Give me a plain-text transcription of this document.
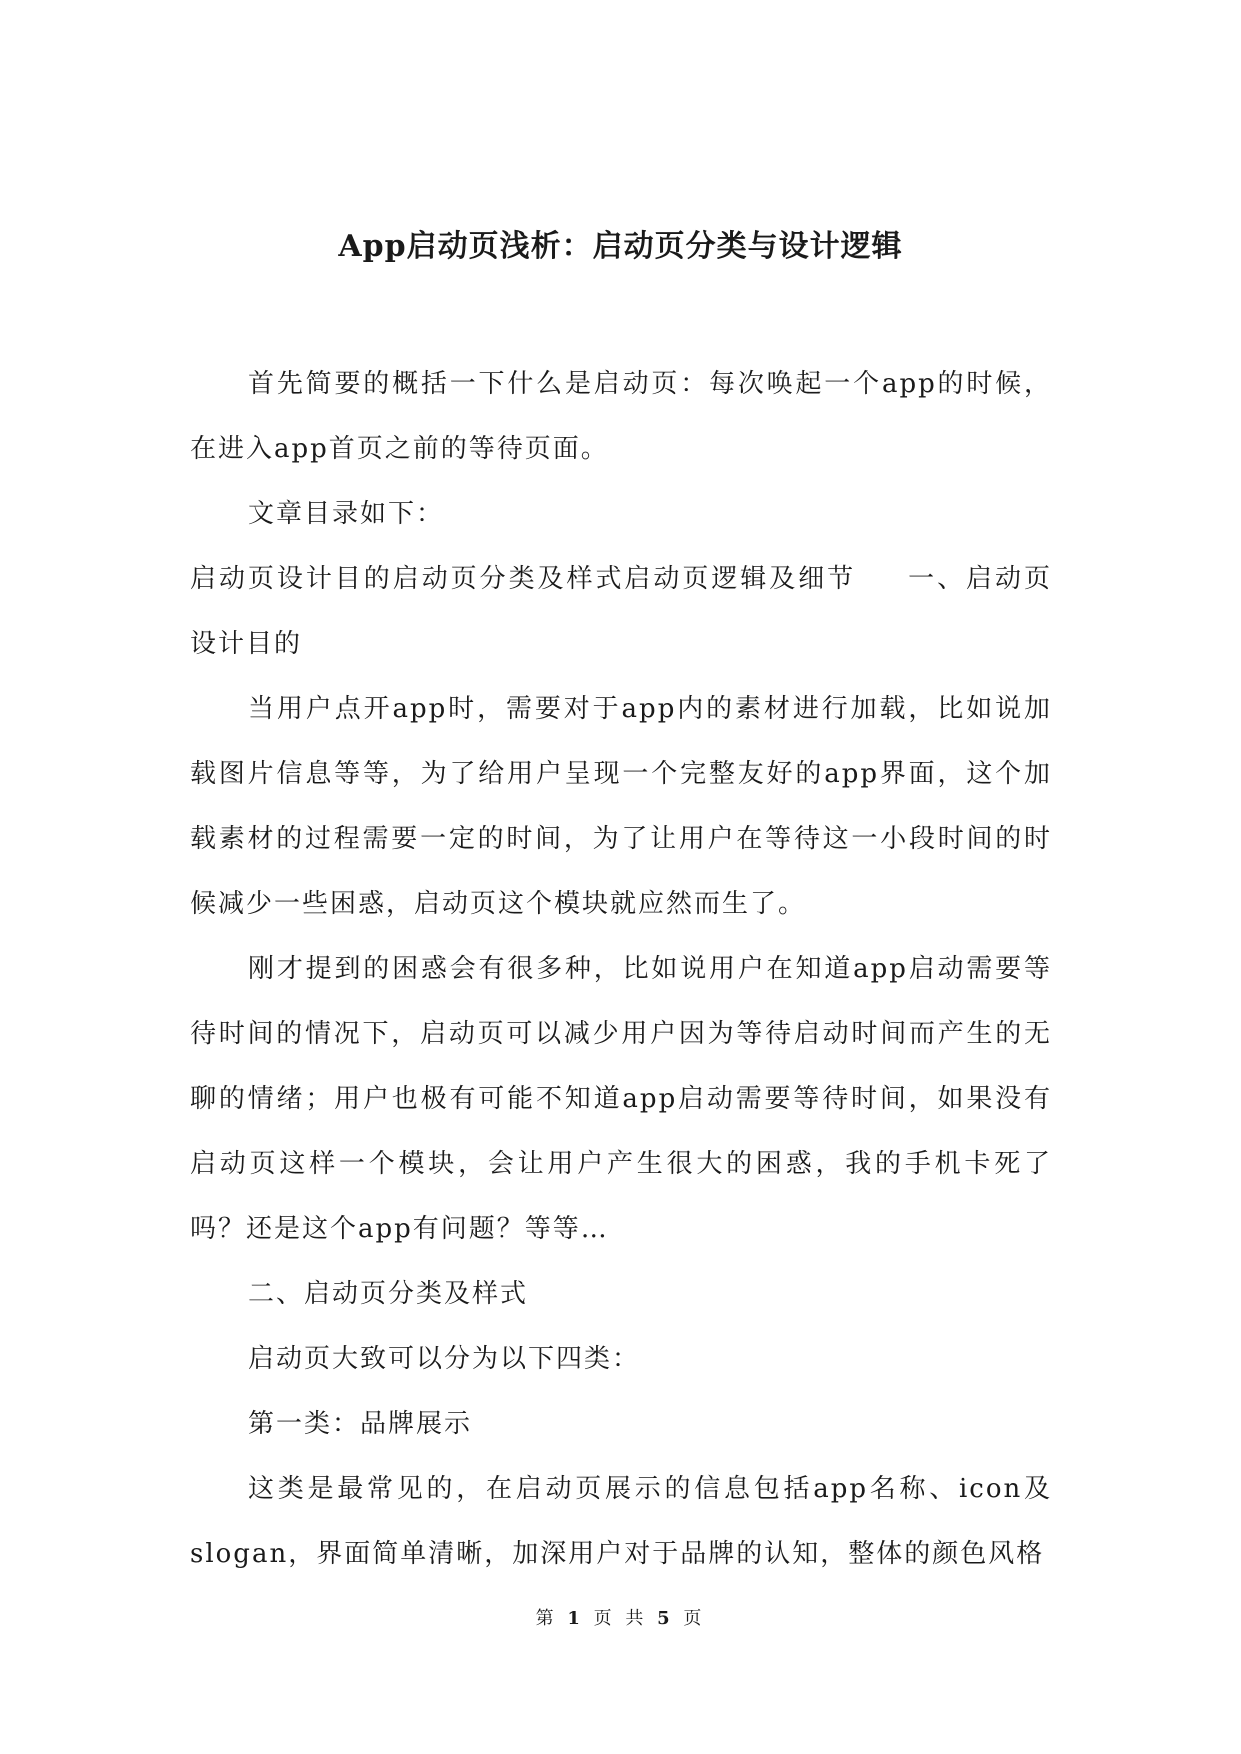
App启动页浅析：启动页分类与设计逻辑

首先简要的概括一下什么是启动页：每次唤起一个app的时候，在进入app首页之前的等待页面。

文章目录如下：

启动页设计目的启动页分类及样式启动页逻辑及细节 一、启动页设计目的

当用户点开app时，需要对于app内的素材进行加载，比如说加载图片信息等等，为了给用户呈现一个完整友好的app界面，这个加载素材的过程需要一定的时间，为了让用户在等待这一小段时间的时候减少一些困惑，启动页这个模块就应然而生了。

刚才提到的困惑会有很多种，比如说用户在知道app启动需要等待时间的情况下，启动页可以减少用户因为等待启动时间而产生的无聊的情绪；用户也极有可能不知道app启动需要等待时间，如果没有启动页这样一个模块，会让用户产生很大的困惑，我的手机卡死了吗？还是这个app有问题？等等…

二、启动页分类及样式

启动页大致可以分为以下四类：

第一类：品牌展示

这类是最常见的，在启动页展示的信息包括app名称、icon及slogan，界面简单清晰，加深用户对于品牌的认知，整体的颜色风格

第 1 页 共 5 页
